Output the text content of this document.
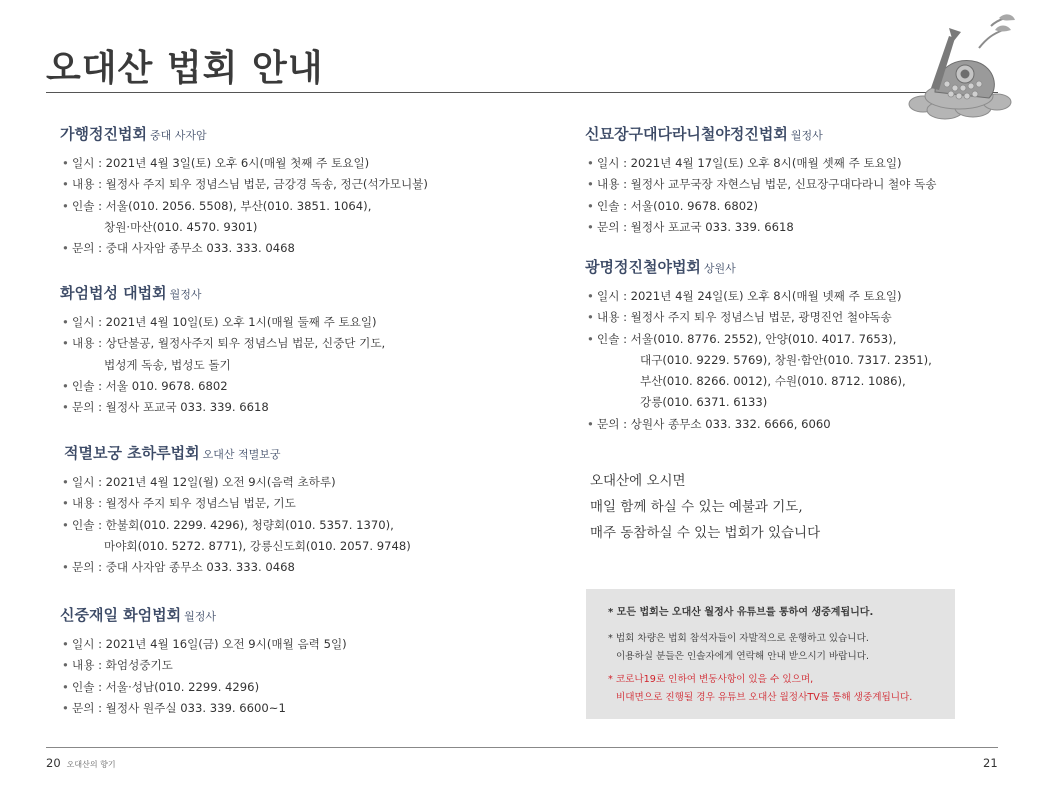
오대산 법회 안내
가행정진법회 중대 사자암
• 일시 : 2021년 4월 3일(토) 오후 6시(매월 첫째 주 토요일)
• 내용 : 월정사 주지 퇴우 정념스님 법문, 금강경 독송, 정근(석가모니불)
• 인솔 : 서울(010. 2056. 5508), 부산(010. 3851. 1064),
창원·마산(010. 4570. 9301)
• 문의 : 중대 사자암 종무소 033. 333. 0468
화엄법성 대법회 월정사
• 일시 : 2021년 4월 10일(토) 오후 1시(매월 둘째 주 토요일)
• 내용 : 상단불공, 월정사주지 퇴우 정념스님 법문, 신중단 기도,
법성게 독송, 법성도 돌기
• 인솔 : 서울 010. 9678. 6802
• 문의 : 월정사 포교국 033. 339. 6618
적멸보궁 초하루법회 오대산 적멸보궁
• 일시 : 2021년 4월 12일(월) 오전 9시(음력 초하루)
• 내용 : 월정사 주지 퇴우 정념스님 법문, 기도
• 인솔 : 한불회(010. 2299. 4296), 청량회(010. 5357. 1370),
마야회(010. 5272. 8771), 강릉신도회(010. 2057. 9748)
• 문의 : 중대 사자암 종무소 033. 333. 0468
신중재일 화엄법회 월정사
• 일시 : 2021년 4월 16일(금) 오전 9시(매월 음력 5일)
• 내용 : 화엄성중기도
• 인솔 : 서울·성남(010. 2299. 4296)
• 문의 : 월정사 원주실 033. 339. 6600~1
신묘장구대다라니철야정진법회 월정사
• 일시 : 2021년 4월 17일(토) 오후 8시(매월 셋째 주 토요일)
• 내용 : 월정사 교무국장 자현스님 법문, 신묘장구대다라니 철야 독송
• 인솔 : 서울(010. 9678. 6802)
• 문의 : 월정사 포교국 033. 339. 6618
광명정진철야법회 상원사
• 일시 : 2021년 4월 24일(토) 오후 8시(매월 넷째 주 토요일)
• 내용 : 월정사 주지 퇴우 정념스님 법문, 광명진언 철야독송
• 인솔 : 서울(010. 8776. 2552), 안양(010. 4017. 7653),
대구(010. 9229. 5769), 창원·함안(010. 7317. 2351),
부산(010. 8266. 0012), 수원(010. 8712. 1086),
강릉(010. 6371. 6133)
• 문의 : 상원사 종무소 033. 332. 6666, 6060
오대산에 오시면
매일 함께 하실 수 있는 예불과 기도,
매주 동참하실 수 있는 법회가 있습니다
* 모든 법회는 오대산 월정사 유튜브를 통하여 생중계됩니다.
* 법회 차량은 법회 참석자들이 자발적으로 운행하고 있습니다.
이용하실 분들은 인솔자에게 연락해 안내 받으시기 바랍니다.
* 코로나19로 인하여 변동사항이 있을 수 있으며,
비대면으로 진행될 경우 유튜브 오대산 월정사TV를 통해 생중계됩니다.
20 오대산의 향기	21
